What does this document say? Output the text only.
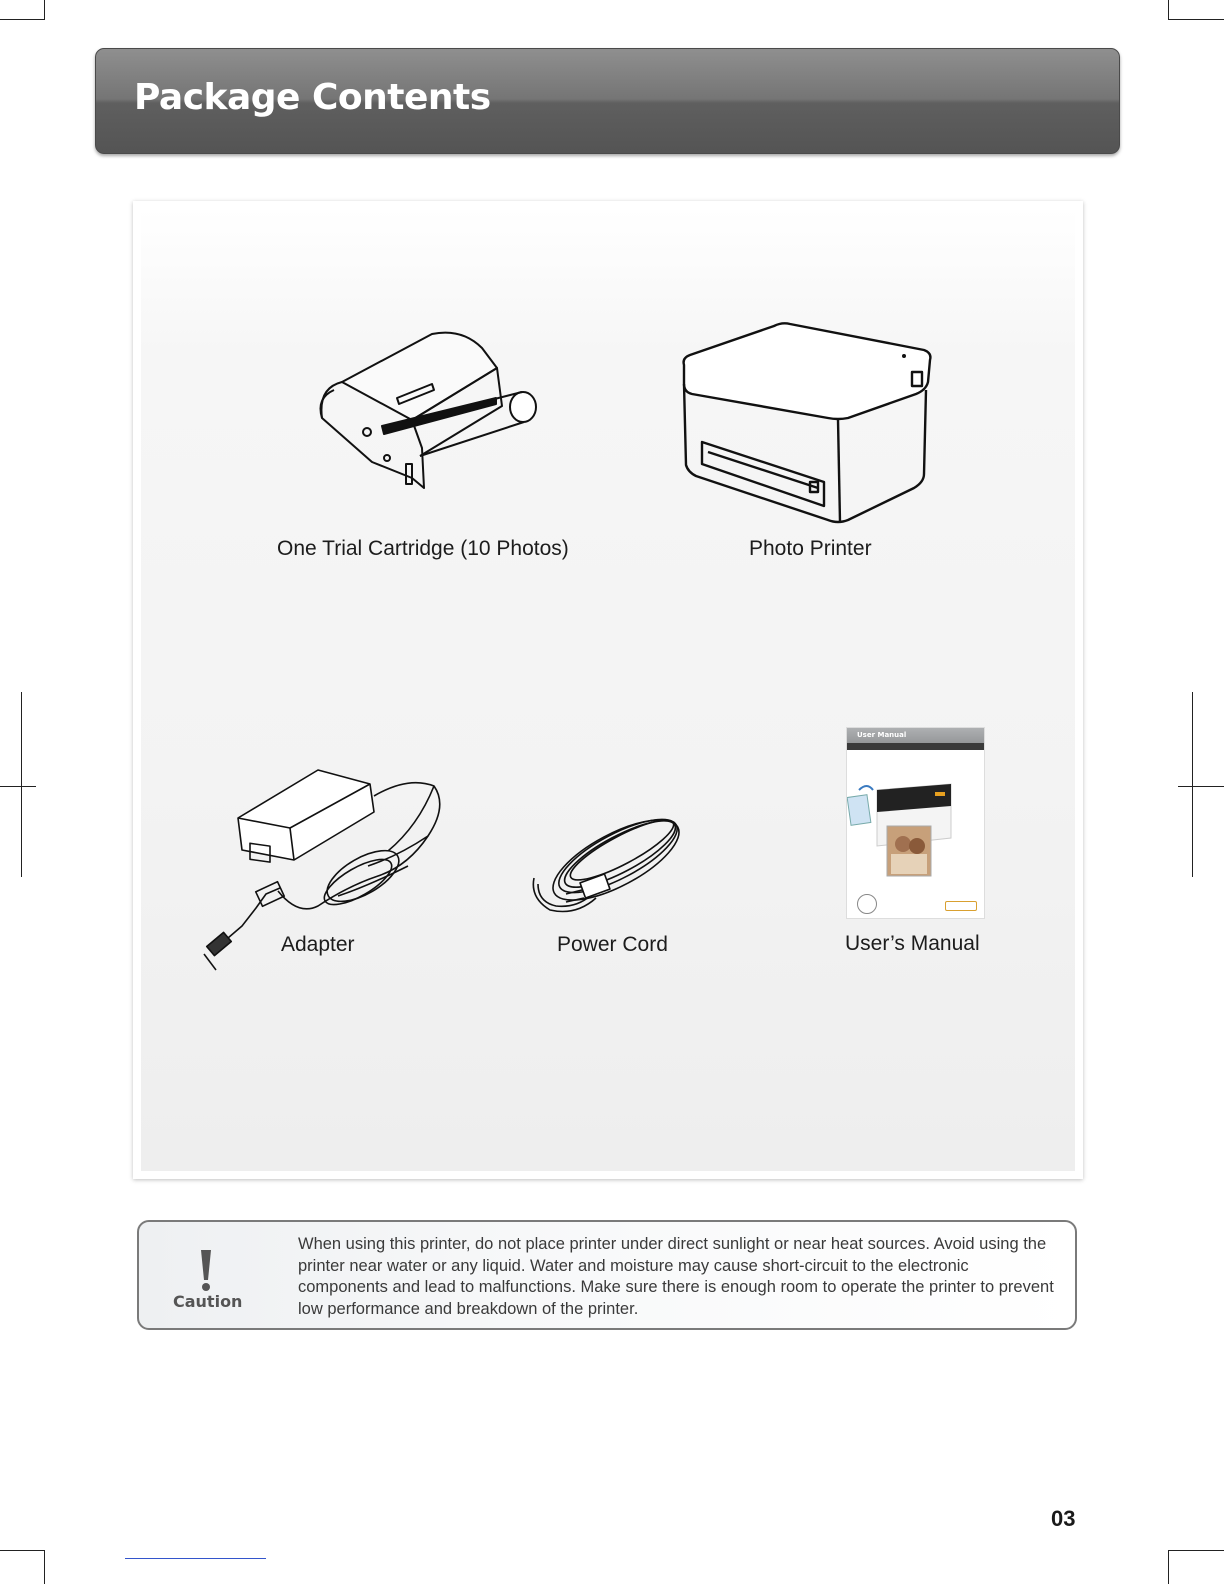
Package Contents
One Trial Cartridge (10 Photos)	Photo Printer
Adapter	Power Cord
User Manual
User’s Manual
Caution

When using this printer, do not place printer under direct sunlight or near heat sources. Avoid using the printer near water or any liquid. Water and moisture may cause short-circuit to the electronic components and lead to malfunctions. Make sure there is enough room to operate the printer to prevent low performance and breakdown of the printer.

03
